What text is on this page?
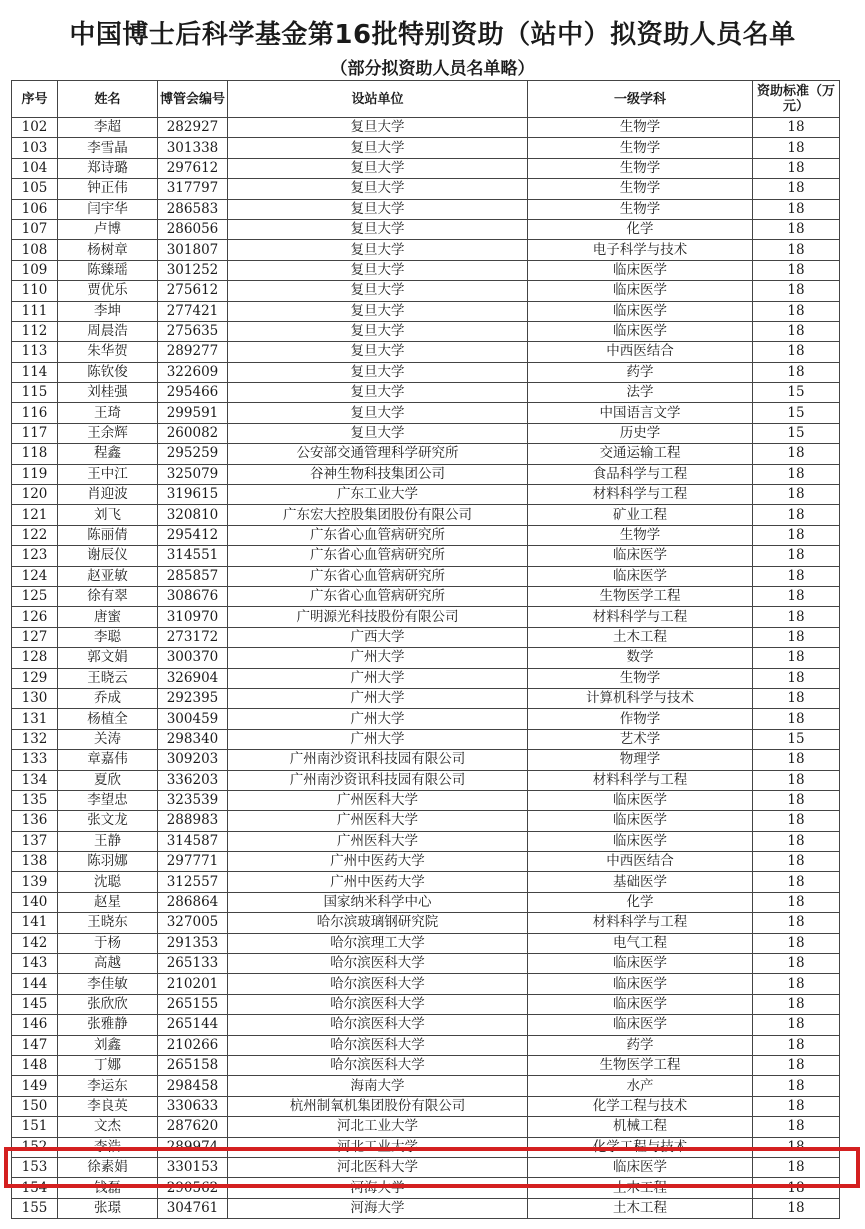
中国博士后科学基金第16批特别资助（站中）拟资助人员名单
（部分拟资助人员名单略）
序号	姓名	博管会编号	设站单位	一级学科	资助标准（万元）
102	李超	282927	复旦大学	生物学	18
103	李雪晶	301338	复旦大学	生物学	18
104	郑诗璐	297612	复旦大学	生物学	18
105	钟正伟	317797	复旦大学	生物学	18
106	闫宇华	286583	复旦大学	生物学	18
107	卢博	286056	复旦大学	化学	18
108	杨树章	301807	复旦大学	电子科学与技术	18
109	陈臻瑶	301252	复旦大学	临床医学	18
110	贾优乐	275612	复旦大学	临床医学	18
111	李坤	277421	复旦大学	临床医学	18
112	周晨浩	275635	复旦大学	临床医学	18
113	朱华贺	289277	复旦大学	中西医结合	18
114	陈钦俊	322609	复旦大学	药学	18
115	刘桂强	295466	复旦大学	法学	15
116	王琦	299591	复旦大学	中国语言文学	15
117	王余辉	260082	复旦大学	历史学	15
118	程鑫	295259	公安部交通管理科学研究所	交通运输工程	18
119	王中江	325079	谷神生物科技集团公司	食品科学与工程	18
120	肖迎波	319615	广东工业大学	材料科学与工程	18
121	刘飞	320810	广东宏大控股集团股份有限公司	矿业工程	18
122	陈丽倩	295412	广东省心血管病研究所	生物学	18
123	谢辰仪	314551	广东省心血管病研究所	临床医学	18
124	赵亚敏	285857	广东省心血管病研究所	临床医学	18
125	徐有翠	308676	广东省心血管病研究所	生物医学工程	18
126	唐蜜	310970	广明源光科技股份有限公司	材料科学与工程	18
127	李聪	273172	广西大学	土木工程	18
128	郭文娟	300370	广州大学	数学	18
129	王晓云	326904	广州大学	生物学	18
130	乔成	292395	广州大学	计算机科学与技术	18
131	杨植全	300459	广州大学	作物学	18
132	关涛	298340	广州大学	艺术学	15
133	章嘉伟	309203	广州南沙资讯科技园有限公司	物理学	18
134	夏欣	336203	广州南沙资讯科技园有限公司	材料科学与工程	18
135	李望忠	323539	广州医科大学	临床医学	18
136	张文龙	288983	广州医科大学	临床医学	18
137	王静	314587	广州医科大学	临床医学	18
138	陈羽娜	297771	广州中医药大学	中西医结合	18
139	沈聪	312557	广州中医药大学	基础医学	18
140	赵星	286864	国家纳米科学中心	化学	18
141	王晓东	327005	哈尔滨玻璃钢研究院	材料科学与工程	18
142	于杨	291353	哈尔滨理工大学	电气工程	18
143	高越	265133	哈尔滨医科大学	临床医学	18
144	李佳敏	210201	哈尔滨医科大学	临床医学	18
145	张欣欣	265155	哈尔滨医科大学	临床医学	18
146	张雅静	265144	哈尔滨医科大学	临床医学	18
147	刘鑫	210266	哈尔滨医科大学	药学	18
148	丁娜	265158	哈尔滨医科大学	生物医学工程	18
149	李运东	298458	海南大学	水产	18
150	李良英	330633	杭州制氧机集团股份有限公司	化学工程与技术	18
151	文杰	287620	河北工业大学	机械工程	18
152	李浩	289974	河北工业大学	化学工程与技术	18
153	徐素娟	330153	河北医科大学	临床医学	18
154	钱磊	290562	河海大学	土木工程	18
155	张璟	304761	河海大学	土木工程	18
